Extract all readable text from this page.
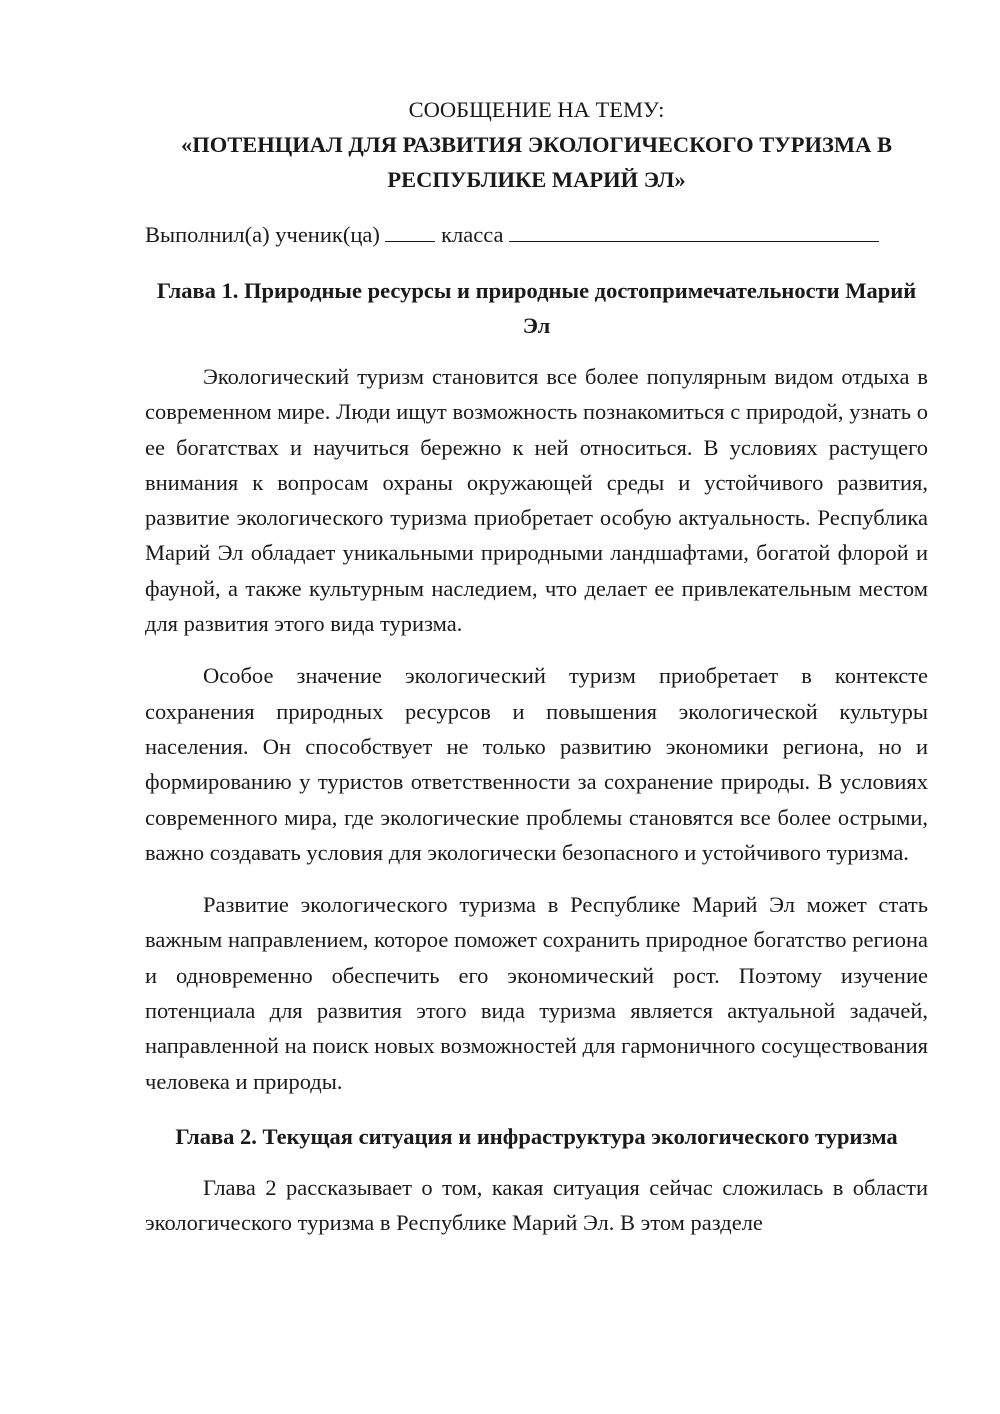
СООБЩЕНИЕ НА ТЕМУ:

«ПОТЕНЦИАЛ ДЛЯ РАЗВИТИЯ ЭКОЛОГИЧЕСКОГО ТУРИЗМА В РЕСПУБЛИКЕ МАРИЙ ЭЛ»

Выполнил(а) ученик(ца)	класса

Глава 1. Природные ресурсы и природные достопримечательности Марий Эл

Экологический туризм становится все более популярным видом отдыха в современном мире. Люди ищут возможность познакомиться с природой, узнать о ее богатствах и научиться бережно к ней относиться. В условиях растущего внимания к вопросам охраны окружающей среды и устойчивого развития, развитие экологического туризма приобретает особую актуальность. Республика Марий Эл обладает уникальными природными ландшафтами, богатой флорой и фауной, а также культурным наследием, что делает ее привлекательным местом для развития этого вида туризма.

Особое значение экологический туризм приобретает в контексте сохранения природных ресурсов и повышения экологической культуры населения. Он способствует не только развитию экономики региона, но и формированию у туристов ответственности за сохранение природы. В условиях современного мира, где экологические проблемы становятся все более острыми, важно создавать условия для экологически безопасного и устойчивого туризма.

Развитие экологического туризма в Республике Марий Эл может стать важным направлением, которое поможет сохранить природное богатство региона и одновременно обеспечить его экономический рост. Поэтому изучение потенциала для развития этого вида туризма является актуальной задачей, направленной на поиск новых возможностей для гармоничного сосуществования человека и природы.

Глава 2. Текущая ситуация и инфраструктура экологического туризма

Глава 2 рассказывает о том, какая ситуация сейчас сложилась в области экологического туризма в Республике Марий Эл. В этом разделе
